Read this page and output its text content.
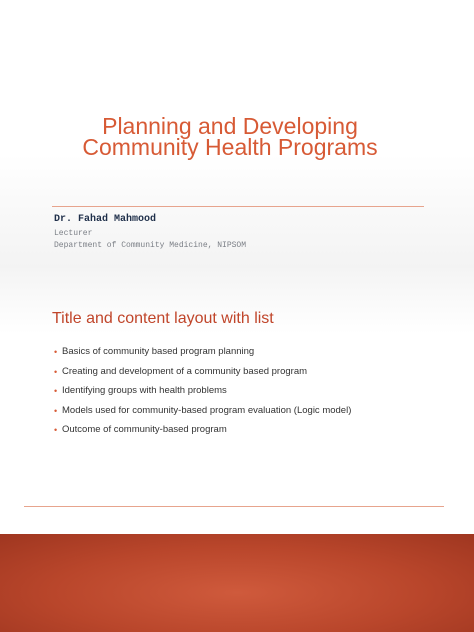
Planning and Developing
Community Health Programs
Dr. Fahad Mahmood
Lecturer
Department of Community Medicine, NIPSOM
Title and content layout with list
• Basics of community based program planning
• Creating and development of a community based program
• Identifying groups with health problems
• Models used for community-based program evaluation (Logic model)
• Outcome of community-based program
